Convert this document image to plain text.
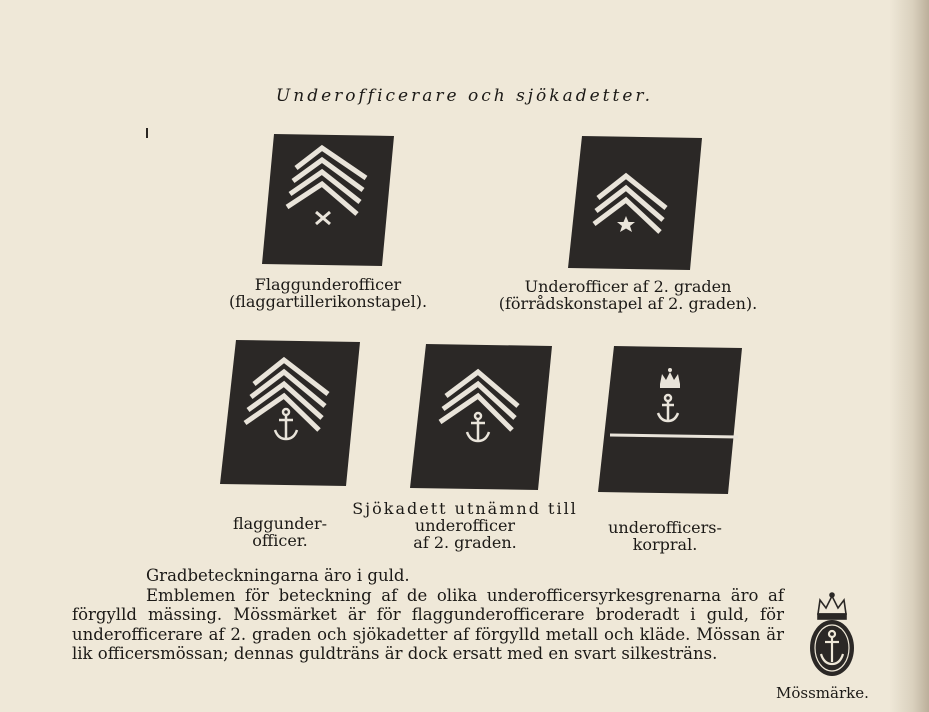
Underofficerare och sjökadetter.
Flaggunderofficer
(flaggartillerikonstapel).
Underofficer af 2. graden
(förrådskonstapel af 2. graden).
flaggunder-
officer.
Sjökadett utnämnd till
underofficer
af 2. graden.
underofficers-
korpral.

Gradbeteckningarna äro i guld.

Emblemen för beteckning af de olika underofficersyrkesgrenarna äro af förgylld mässing. Mössmärket är för flaggunderofficerare broderadt i guld, för underofficerare af 2. graden och sjökadetter af förgylld metall och kläde. Mössan är lik officersmössan; dennas guldträns är dock ersatt med en svart silkesträns.

Mössmärke.
